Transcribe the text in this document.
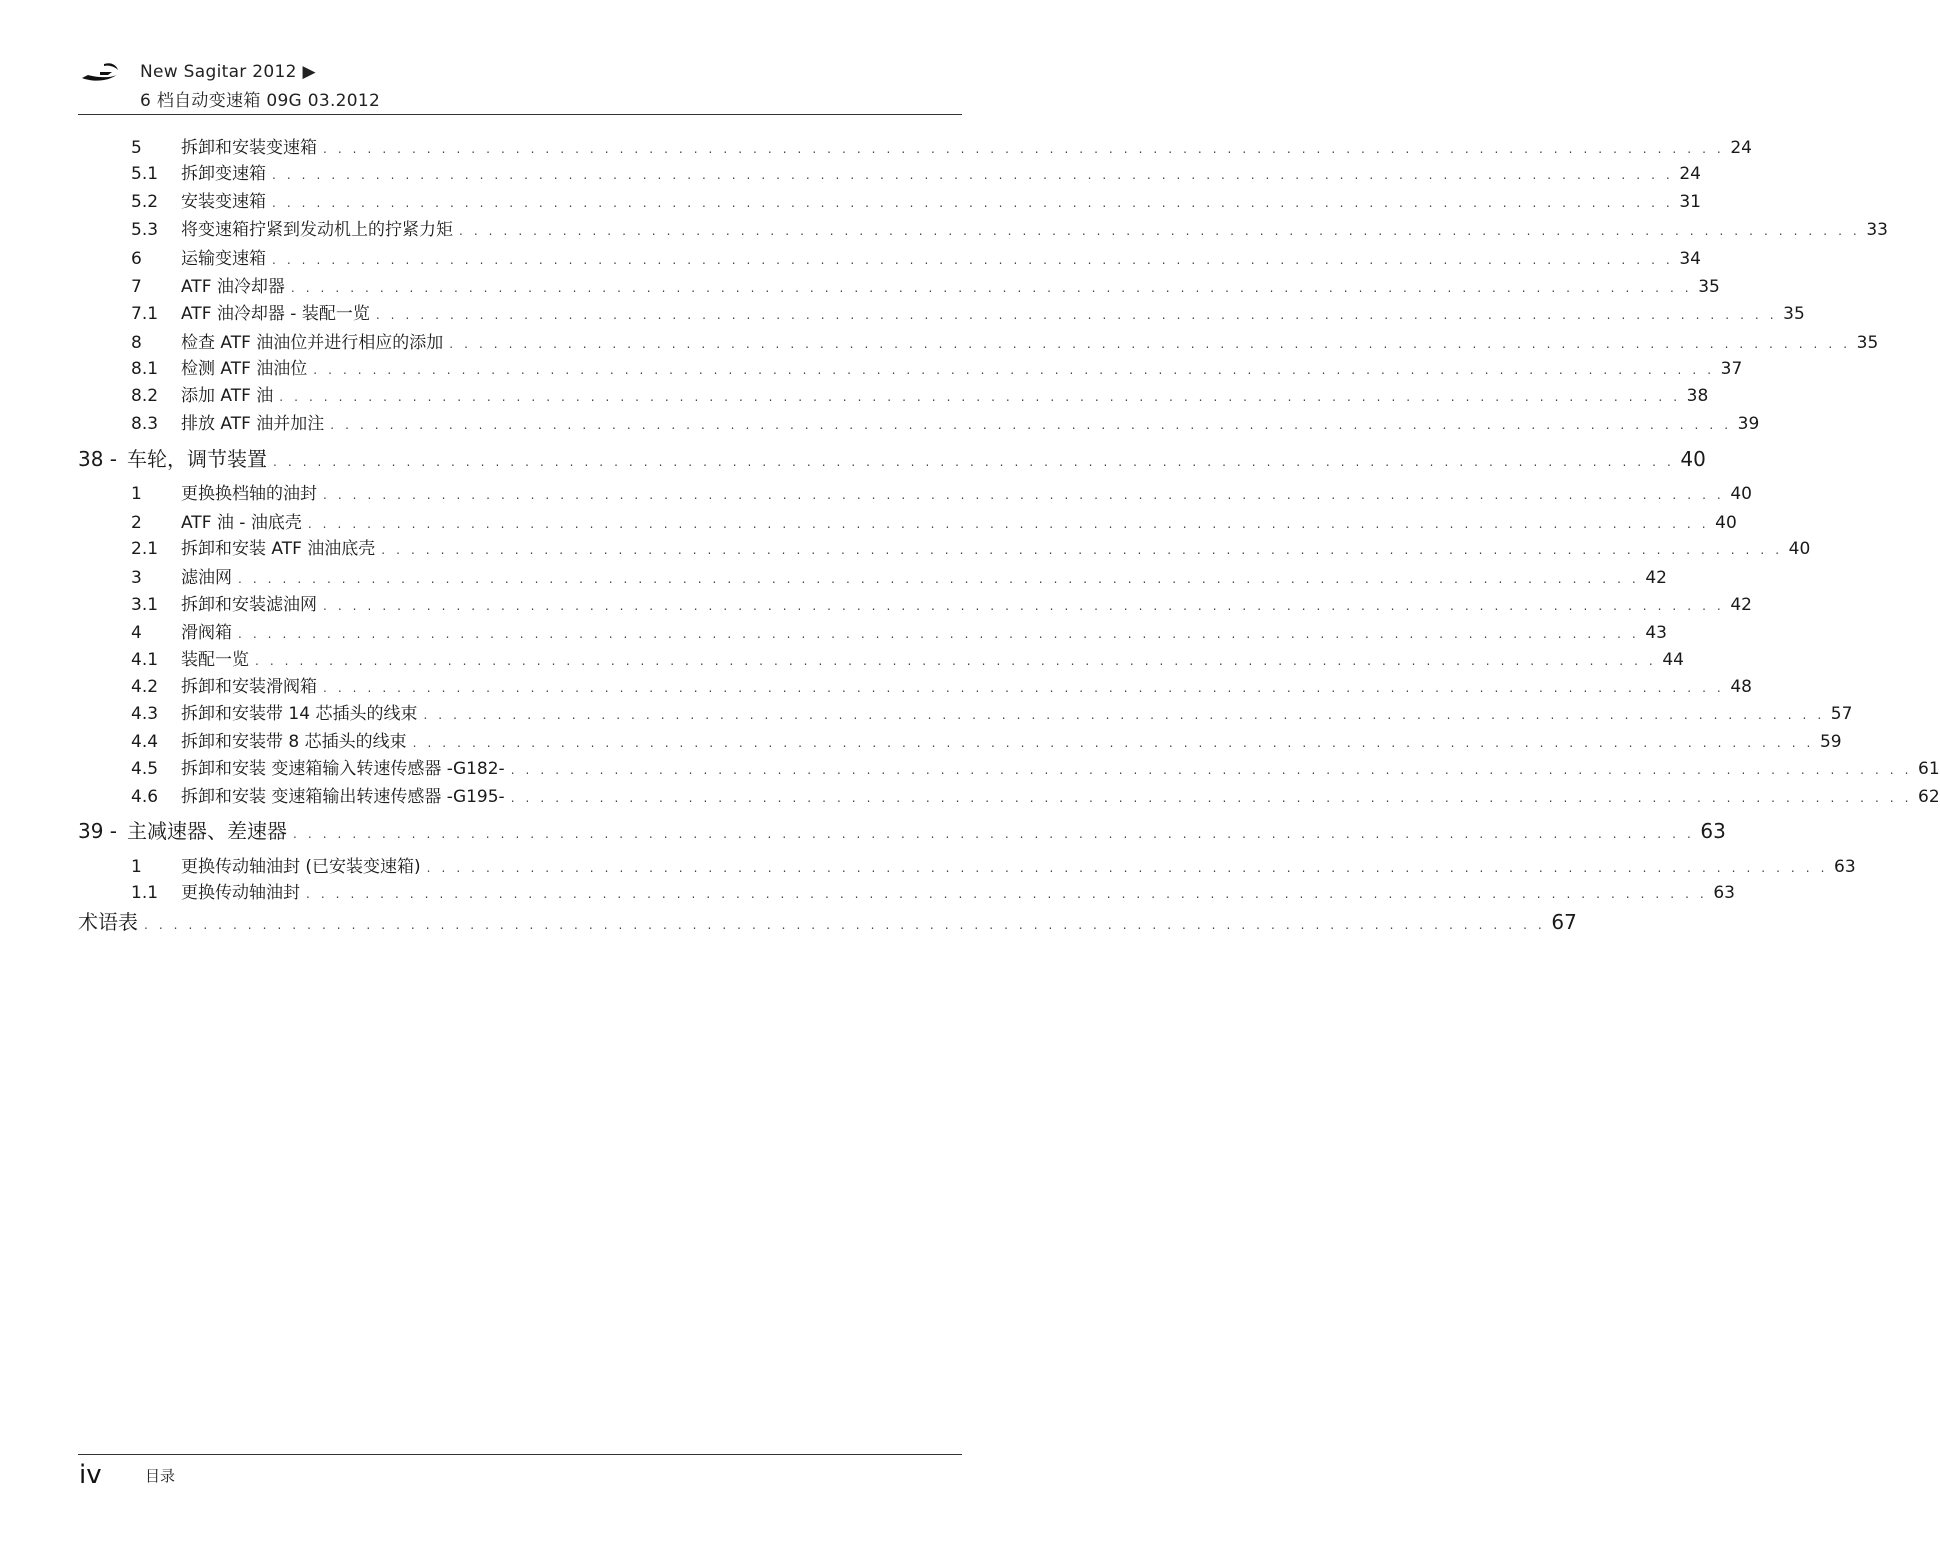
New Sagitar 2012 ▶
6 档自动变速箱 09G 03.2012
5	拆卸和安装变速箱 . . . . . . . . . . . . . . . . . . . . . . . . . . . . . . . . . . . . . . . . . . . . . . . . . . . . . . . . . . . . . . . . . . . . . . . . . . . . . . . . . . . . . . . . . . . . . . . 24
5.1	拆卸变速箱 . . . . . . . . . . . . . . . . . . . . . . . . . . . . . . . . . . . . . . . . . . . . . . . . . . . . . . . . . . . . . . . . . . . . . . . . . . . . . . . . . . . . . . . . . . . . . . . 24
5.2	安装变速箱 . . . . . . . . . . . . . . . . . . . . . . . . . . . . . . . . . . . . . . . . . . . . . . . . . . . . . . . . . . . . . . . . . . . . . . . . . . . . . . . . . . . . . . . . . . . . . . . 31
5.3	将变速箱拧紧到发动机上的拧紧力矩 . . . . . . . . . . . . . . . . . . . . . . . . . . . . . . . . . . . . . . . . . . . . . . . . . . . . . . . . . . . . . . . . . . . . . . . . . . . . . . . . . . . . . . . . . . . . . . . 33
6	运输变速箱 . . . . . . . . . . . . . . . . . . . . . . . . . . . . . . . . . . . . . . . . . . . . . . . . . . . . . . . . . . . . . . . . . . . . . . . . . . . . . . . . . . . . . . . . . . . . . . . 34
7	ATF 油冷却器 . . . . . . . . . . . . . . . . . . . . . . . . . . . . . . . . . . . . . . . . . . . . . . . . . . . . . . . . . . . . . . . . . . . . . . . . . . . . . . . . . . . . . . . . . . . . . . . 35
7.1	ATF 油冷却器 - 装配一览 . . . . . . . . . . . . . . . . . . . . . . . . . . . . . . . . . . . . . . . . . . . . . . . . . . . . . . . . . . . . . . . . . . . . . . . . . . . . . . . . . . . . . . . . . . . . . . . 35
8	检查 ATF 油油位并进行相应的添加 . . . . . . . . . . . . . . . . . . . . . . . . . . . . . . . . . . . . . . . . . . . . . . . . . . . . . . . . . . . . . . . . . . . . . . . . . . . . . . . . . . . . . . . . . . . . . . . 35
8.1	检测 ATF 油油位 . . . . . . . . . . . . . . . . . . . . . . . . . . . . . . . . . . . . . . . . . . . . . . . . . . . . . . . . . . . . . . . . . . . . . . . . . . . . . . . . . . . . . . . . . . . . . . . 37
8.2	添加 ATF 油 . . . . . . . . . . . . . . . . . . . . . . . . . . . . . . . . . . . . . . . . . . . . . . . . . . . . . . . . . . . . . . . . . . . . . . . . . . . . . . . . . . . . . . . . . . . . . . . 38
8.3	排放 ATF 油并加注 . . . . . . . . . . . . . . . . . . . . . . . . . . . . . . . . . . . . . . . . . . . . . . . . . . . . . . . . . . . . . . . . . . . . . . . . . . . . . . . . . . . . . . . . . . . . . . . 39
38 - 车轮，调节装置 . . . . . . . . . . . . . . . . . . . . . . . . . . . . . . . . . . . . . . . . . . . . . . . . . . . . . . . . . . . . . . . . . . . . . . . . . . . . . . . . . . . . . . . . . . . . . . . 40
1	更换换档轴的油封 . . . . . . . . . . . . . . . . . . . . . . . . . . . . . . . . . . . . . . . . . . . . . . . . . . . . . . . . . . . . . . . . . . . . . . . . . . . . . . . . . . . . . . . . . . . . . . . 40
2	ATF 油 - 油底壳 . . . . . . . . . . . . . . . . . . . . . . . . . . . . . . . . . . . . . . . . . . . . . . . . . . . . . . . . . . . . . . . . . . . . . . . . . . . . . . . . . . . . . . . . . . . . . . . 40
2.1	拆卸和安装 ATF 油油底壳 . . . . . . . . . . . . . . . . . . . . . . . . . . . . . . . . . . . . . . . . . . . . . . . . . . . . . . . . . . . . . . . . . . . . . . . . . . . . . . . . . . . . . . . . . . . . . . . 40
3	滤油网 . . . . . . . . . . . . . . . . . . . . . . . . . . . . . . . . . . . . . . . . . . . . . . . . . . . . . . . . . . . . . . . . . . . . . . . . . . . . . . . . . . . . . . . . . . . . . . . 42
3.1	拆卸和安装滤油网 . . . . . . . . . . . . . . . . . . . . . . . . . . . . . . . . . . . . . . . . . . . . . . . . . . . . . . . . . . . . . . . . . . . . . . . . . . . . . . . . . . . . . . . . . . . . . . . 42
4	滑阀箱 . . . . . . . . . . . . . . . . . . . . . . . . . . . . . . . . . . . . . . . . . . . . . . . . . . . . . . . . . . . . . . . . . . . . . . . . . . . . . . . . . . . . . . . . . . . . . . . 43
4.1	装配一览 . . . . . . . . . . . . . . . . . . . . . . . . . . . . . . . . . . . . . . . . . . . . . . . . . . . . . . . . . . . . . . . . . . . . . . . . . . . . . . . . . . . . . . . . . . . . . . . 44
4.2	拆卸和安装滑阀箱 . . . . . . . . . . . . . . . . . . . . . . . . . . . . . . . . . . . . . . . . . . . . . . . . . . . . . . . . . . . . . . . . . . . . . . . . . . . . . . . . . . . . . . . . . . . . . . . 48
4.3	拆卸和安装带 14 芯插头的线束 . . . . . . . . . . . . . . . . . . . . . . . . . . . . . . . . . . . . . . . . . . . . . . . . . . . . . . . . . . . . . . . . . . . . . . . . . . . . . . . . . . . . . . . . . . . . . . . 57
4.4	拆卸和安装带 8 芯插头的线束 . . . . . . . . . . . . . . . . . . . . . . . . . . . . . . . . . . . . . . . . . . . . . . . . . . . . . . . . . . . . . . . . . . . . . . . . . . . . . . . . . . . . . . . . . . . . . . . 59
4.5	拆卸和安装 变速箱输入转速传感器 -G182- . . . . . . . . . . . . . . . . . . . . . . . . . . . . . . . . . . . . . . . . . . . . . . . . . . . . . . . . . . . . . . . . . . . . . . . . . . . . . . . . . . . . . . . . . . . . . . . 61
4.6	拆卸和安装 变速箱输出转速传感器 -G195- . . . . . . . . . . . . . . . . . . . . . . . . . . . . . . . . . . . . . . . . . . . . . . . . . . . . . . . . . . . . . . . . . . . . . . . . . . . . . . . . . . . . . . . . . . . . . . . 62
39 - 主减速器、差速器 . . . . . . . . . . . . . . . . . . . . . . . . . . . . . . . . . . . . . . . . . . . . . . . . . . . . . . . . . . . . . . . . . . . . . . . . . . . . . . . . . . . . . . . . . . . . . . . 63
1	更换传动轴油封 (已安装变速箱) . . . . . . . . . . . . . . . . . . . . . . . . . . . . . . . . . . . . . . . . . . . . . . . . . . . . . . . . . . . . . . . . . . . . . . . . . . . . . . . . . . . . . . . . . . . . . . . 63
1.1	更换传动轴油封 . . . . . . . . . . . . . . . . . . . . . . . . . . . . . . . . . . . . . . . . . . . . . . . . . . . . . . . . . . . . . . . . . . . . . . . . . . . . . . . . . . . . . . . . . . . . . . . 63
术语表 . . . . . . . . . . . . . . . . . . . . . . . . . . . . . . . . . . . . . . . . . . . . . . . . . . . . . . . . . . . . . . . . . . . . . . . . . . . . . . . . . . . . . . . . . . . . . . . 67
iv	目录
